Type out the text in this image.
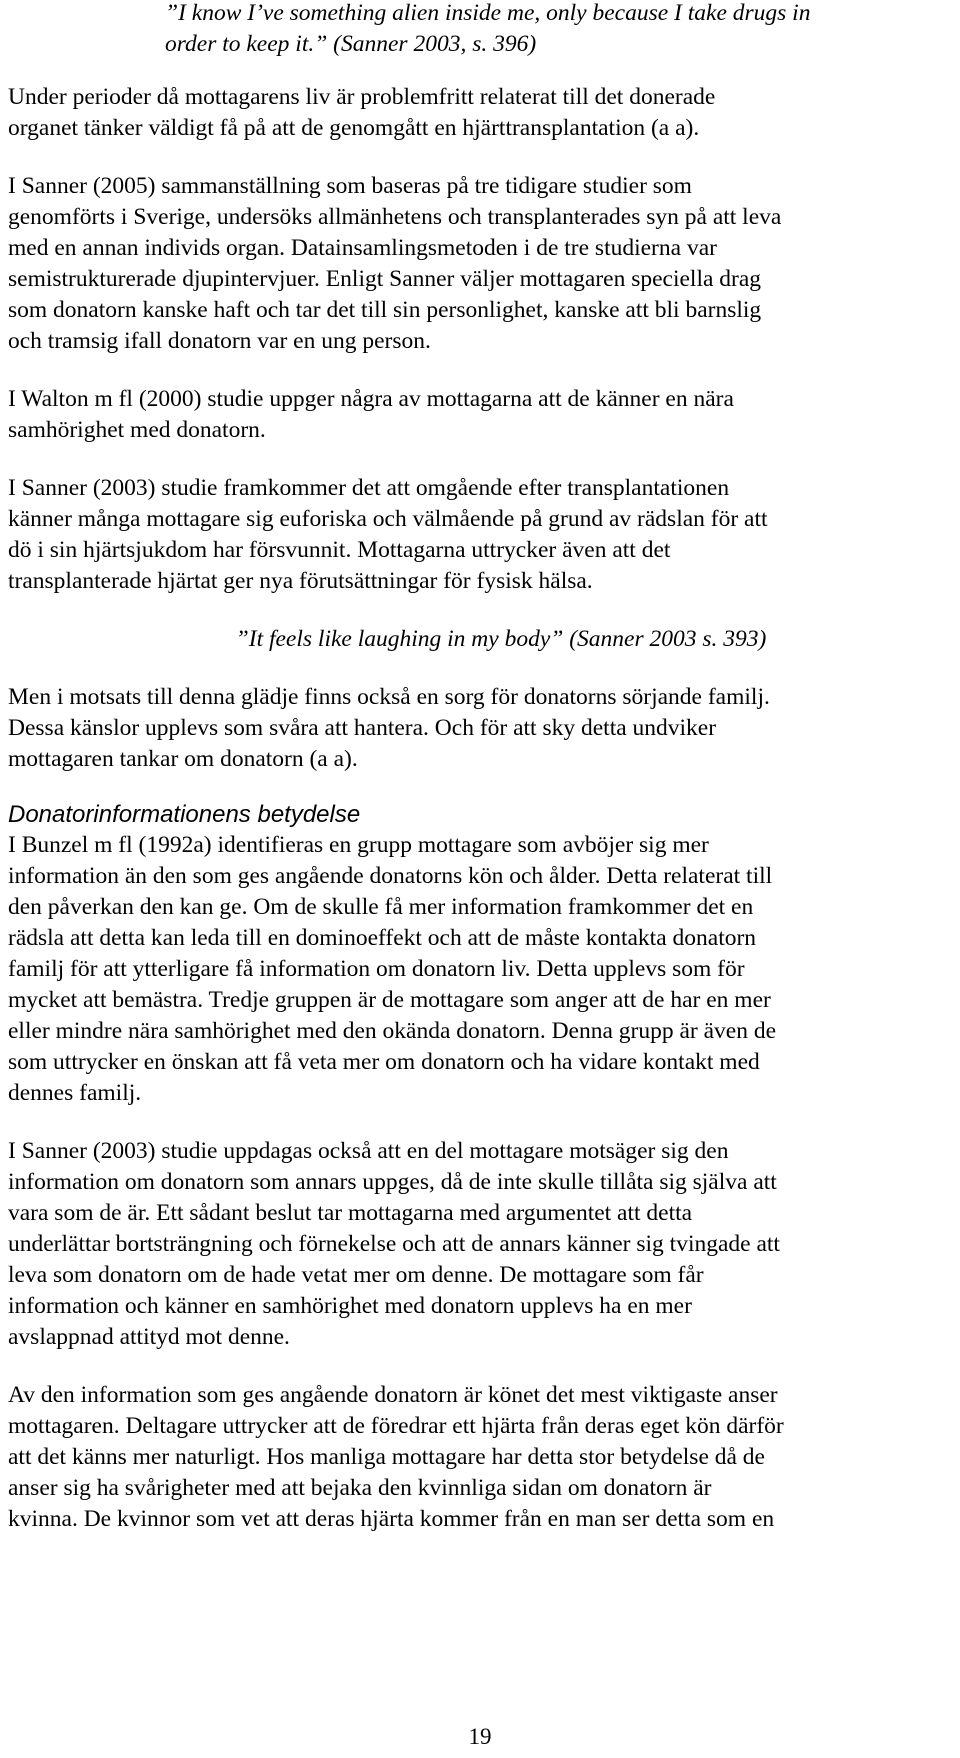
”I know I’ve something alien inside me, only because I take drugs in
order to keep it.” (Sanner 2003, s. 396)

Under perioder då mottagarens liv är problemfritt relaterat till det donerade
organet tänker väldigt få på att de genomgått en hjärttransplantation (a a).

I Sanner (2005) sammanställning som baseras på tre tidigare studier som
genomförts i Sverige, undersöks allmänhetens och transplanterades syn på att leva
med en annan individs organ. Datainsamlingsmetoden i de tre studierna var
semistrukturerade djupintervjuer. Enligt Sanner väljer mottagaren speciella drag
som donatorn kanske haft och tar det till sin personlighet, kanske att bli barnslig
och tramsig ifall donatorn var en ung person.

I Walton m fl (2000) studie uppger några av mottagarna att de känner en nära
samhörighet med donatorn.

I Sanner (2003) studie framkommer det att omgående efter transplantationen
känner många mottagare sig euforiska och välmående på grund av rädslan för att
dö i sin hjärtsjukdom har försvunnit. Mottagarna uttrycker även att det
transplanterade hjärtat ger nya förutsättningar för fysisk hälsa.

”It feels like laughing in my body” (Sanner 2003 s. 393)

Men i motsats till denna glädje finns också en sorg för donatorns sörjande familj.
Dessa känslor upplevs som svåra att hantera. Och för att sky detta undviker
mottagaren tankar om donatorn (a a).

Donatorinformationens betydelse

I Bunzel m fl (1992a) identifieras en grupp mottagare som avböjer sig mer
information än den som ges angående donatorns kön och ålder. Detta relaterat till
den påverkan den kan ge. Om de skulle få mer information framkommer det en
rädsla att detta kan leda till en dominoeffekt och att de måste kontakta donatorn
familj för att ytterligare få information om donatorn liv. Detta upplevs som för
mycket att bemästra. Tredje gruppen är de mottagare som anger att de har en mer
eller mindre nära samhörighet med den okända donatorn. Denna grupp är även de
som uttrycker en önskan att få veta mer om donatorn och ha vidare kontakt med
dennes familj.

I Sanner (2003) studie uppdagas också att en del mottagare motsäger sig den
information om donatorn som annars uppges, då de inte skulle tillåta sig själva att
vara som de är. Ett sådant beslut tar mottagarna med argumentet att detta
underlättar bortsträngning och förnekelse och att de annars känner sig tvingade att
leva som donatorn om de hade vetat mer om denne. De mottagare som får
information och känner en samhörighet med donatorn upplevs ha en mer
avslappnad attityd mot denne.

Av den information som ges angående donatorn är könet det mest viktigaste anser
mottagaren. Deltagare uttrycker att de föredrar ett hjärta från deras eget kön därför
att det känns mer naturligt. Hos manliga mottagare har detta stor betydelse då de
anser sig ha svårigheter med att bejaka den kvinnliga sidan om donatorn är
kvinna. De kvinnor som vet att deras hjärta kommer från en man ser detta som en

19
